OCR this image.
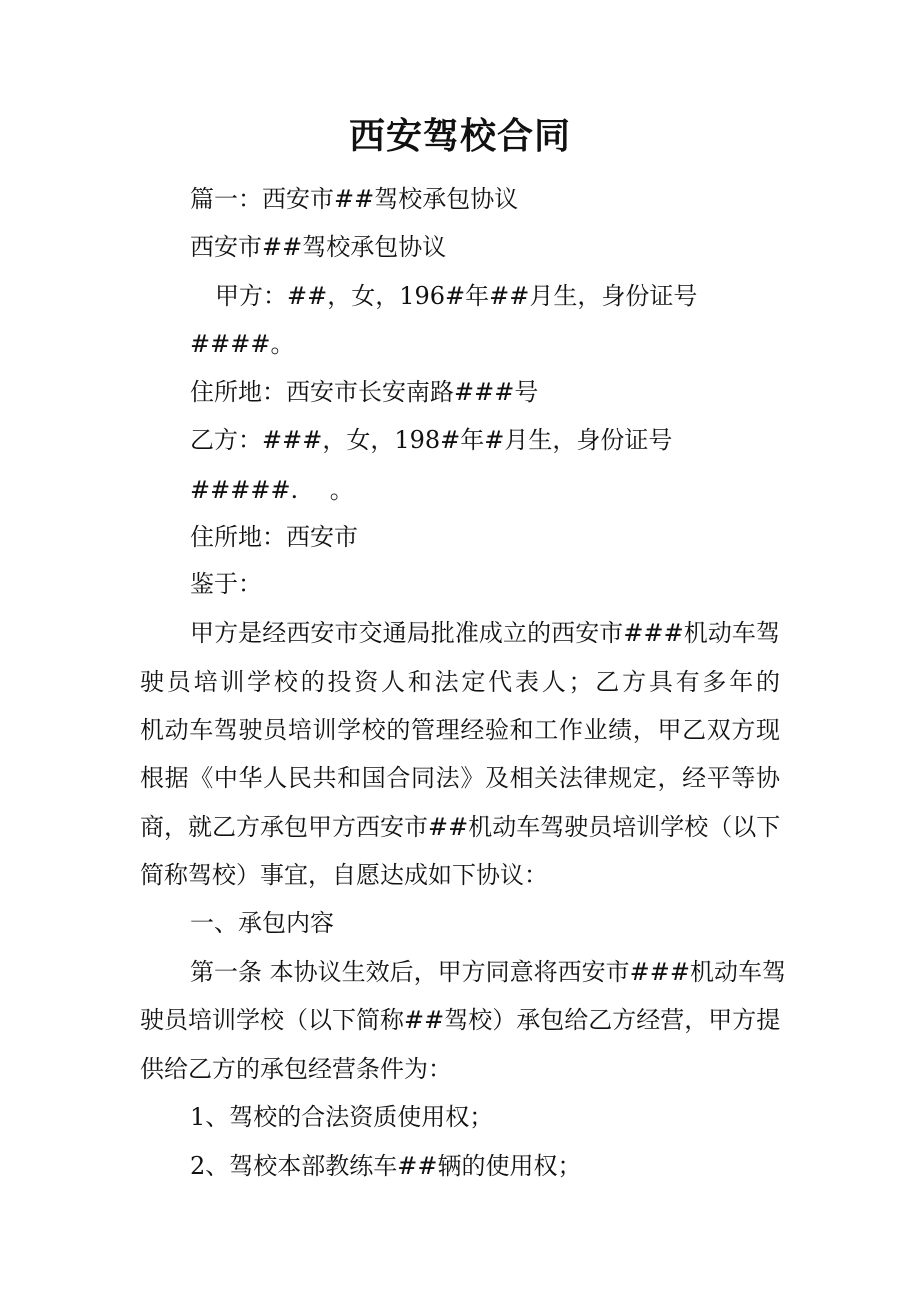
西安驾校合同
篇一：西安市##驾校承包协议
西安市##驾校承包协议
甲方：##，女，196#年##月生，身份证号
####。
住所地：西安市长安南路###号
乙方：###，女，198#年#月生，身份证号
#####.　 。
住所地：西安市
鉴于：
甲方是经西安市交通局批准成立的西安市###机动车驾
驶员培训学校的投资人和法定代表人；乙方具有多年的
机动车驾驶员培训学校的管理经验和工作业绩，甲乙双方现
根据《中华人民共和国合同法》及相关法律规定，经平等协
商，就乙方承包甲方西安市##机动车驾驶员培训学校（以下
简称驾校）事宜，自愿达成如下协议：
一、承包内容
第一条 本协议生效后，甲方同意将西安市###机动车驾
驶员培训学校（以下简称##驾校）承包给乙方经营，甲方提
供给乙方的承包经营条件为：
1、驾校的合法资质使用权；
2、驾校本部教练车##辆的使用权；
